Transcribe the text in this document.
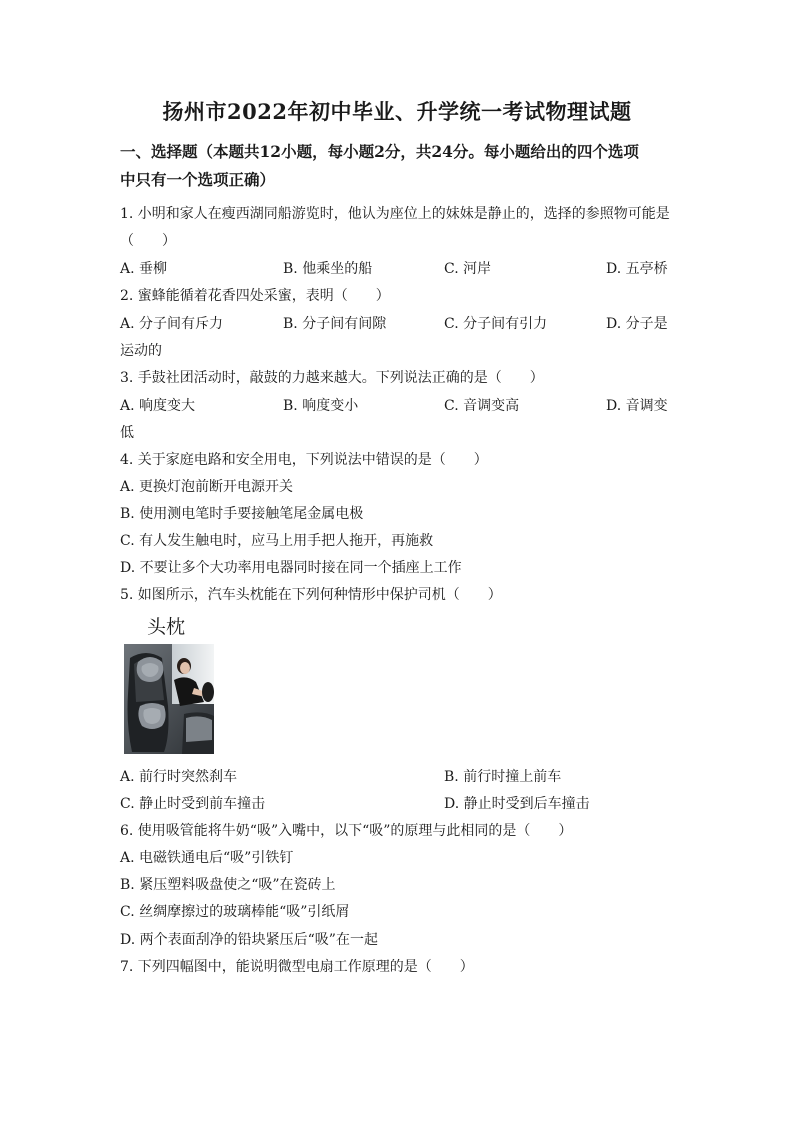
扬州市2022年初中毕业、升学统一考试物理试题
一、选择题（本题共12小题，每小题2分，共24分。每小题给出的四个选项
中只有一个选项正确）
1. 小明和家人在瘦西湖同船游览时，他认为座位上的妹妹是静止的，选择的参照物可能是
（　　）
A. 垂柳	B. 他乘坐的船	C. 河岸	D. 五亭桥
2. 蜜蜂能循着花香四处采蜜，表明（　　）
A. 分子间有斥力	B. 分子间有间隙	C. 分子间有引力	D. 分子是
运动的
3. 手鼓社团活动时，敲鼓的力越来越大。下列说法正确的是（　　）
A. 响度变大	B. 响度变小	C. 音调变高	D. 音调变
低
4. 关于家庭电路和安全用电，下列说法中错误的是（　　）
A. 更换灯泡前断开电源开关
B. 使用测电笔时手要接触笔尾金属电极
C. 有人发生触电时，应马上用手把人拖开，再施救
D. 不要让多个大功率用电器同时接在同一个插座上工作
5. 如图所示，汽车头枕能在下列何种情形中保护司机（　　）
头枕
A. 前行时突然刹车	B. 前行时撞上前车
C. 静止时受到前车撞击	D. 静止时受到后车撞击
6. 使用吸管能将牛奶“吸”入嘴中，以下“吸”的原理与此相同的是（　　）
A. 电磁铁通电后“吸”引铁钉
B. 紧压塑料吸盘使之“吸”在瓷砖上
C. 丝绸摩擦过的玻璃棒能“吸”引纸屑
D. 两个表面刮净的铅块紧压后“吸”在一起
7. 下列四幅图中，能说明微型电扇工作原理的是（　　）
